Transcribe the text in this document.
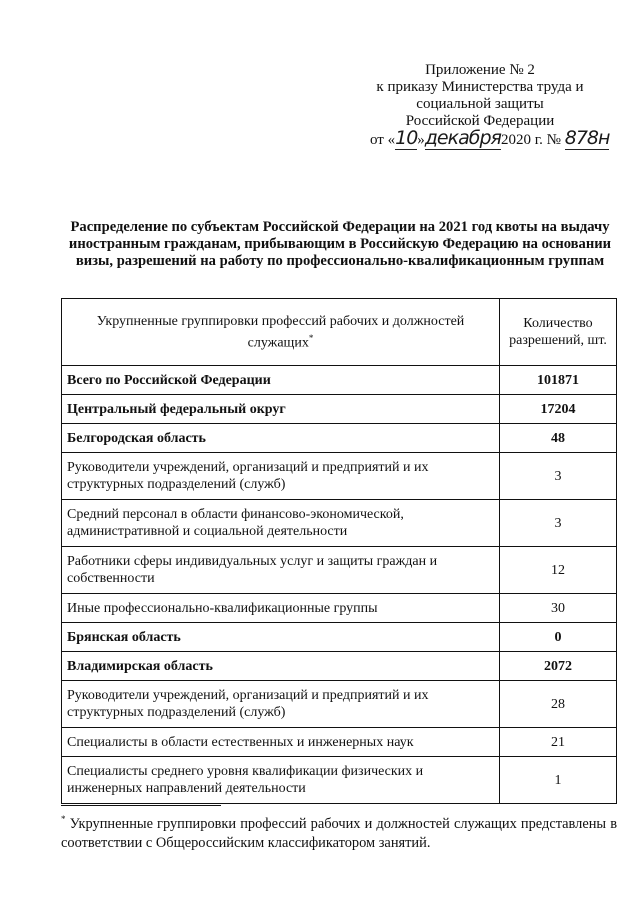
Приложение № 2
к приказу Министерства труда и
социальной защиты
Российской Федерации
от «10»декабря2020 г. № 878н
Распределение по субъектам Российской Федерации на 2021 год квоты на выдачу иностранным гражданам, прибывающим в Российскую Федерацию на основании визы, разрешений на работу по профессионально-квалификационным группам
Укрупненные группировки профессий рабочих и должностей служащих*	Количество разрешений, шт.
Всего по Российской Федерации	101871
Центральный федеральный округ	17204
Белгородская область	48
Руководители учреждений, организаций и предприятий и их структурных подразделений (служб)	3
Средний персонал в области финансово-экономической, административной и социальной деятельности	3
Работники сферы индивидуальных услуг и защиты граждан и собственности	12
Иные профессионально-квалификационные группы	30
Брянская область	0
Владимирская область	2072
Руководители учреждений, организаций и предприятий и их структурных подразделений (служб)	28
Специалисты в области естественных и инженерных наук	21
Специалисты среднего уровня квалификации физических и инженерных направлений деятельности	1
* Укрупненные группировки профессий рабочих и должностей служащих представлены в соответствии с Общероссийским классификатором занятий.
